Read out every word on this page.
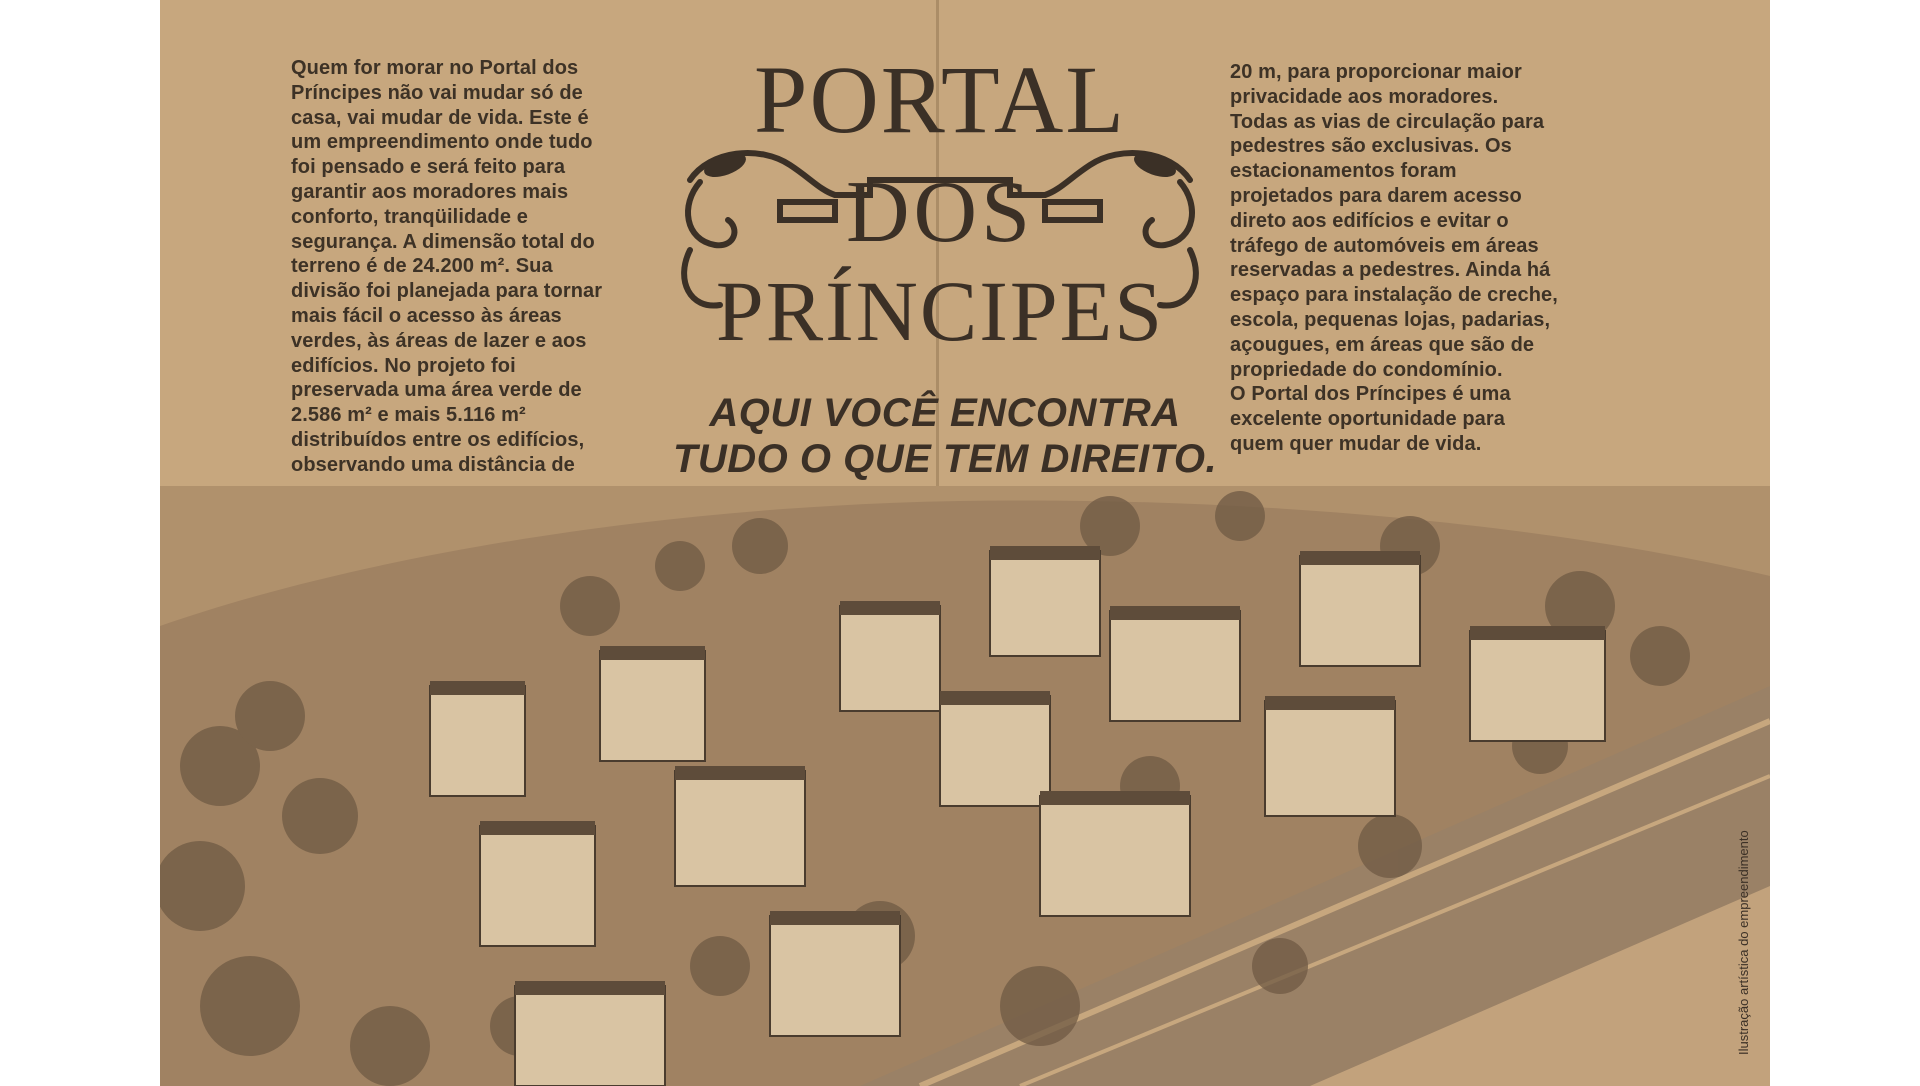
Quem for morar no Portal dos

Príncipes não vai mudar só de

casa, vai mudar de vida. Este é

um empreendimento onde tudo

foi pensado e será feito para

garantir aos moradores mais

conforto, tranqüilidade e

segurança. A dimensão total do

terreno é de 24.200 m². Sua

divisão foi planejada para tornar

mais fácil o acesso às áreas

verdes, às áreas de lazer e aos

edifícios. No projeto foi

preservada uma área verde de

2.586 m² e mais 5.116 m²

distribuídos entre os edifícios,

observando uma distância de

PORTAL
DOS
PRÍNCIPES
AQUI VOCÊ ENCONTRA
TUDO O QUE TEM DIREITO.

20 m, para proporcionar maior

privacidade aos moradores.

Todas as vias de circulação para

pedestres são exclusivas. Os

estacionamentos foram

projetados para darem acesso

direto aos edifícios e evitar o

tráfego de automóveis em áreas

reservadas a pedestres. Ainda há

espaço para instalação de creche,

escola, pequenas lojas, padarias,

açougues, em áreas que são de

propriedade do condomínio.

O Portal dos Príncipes é uma

excelente oportunidade para

quem quer mudar de vida.

Ilustração artística do empreendimento
